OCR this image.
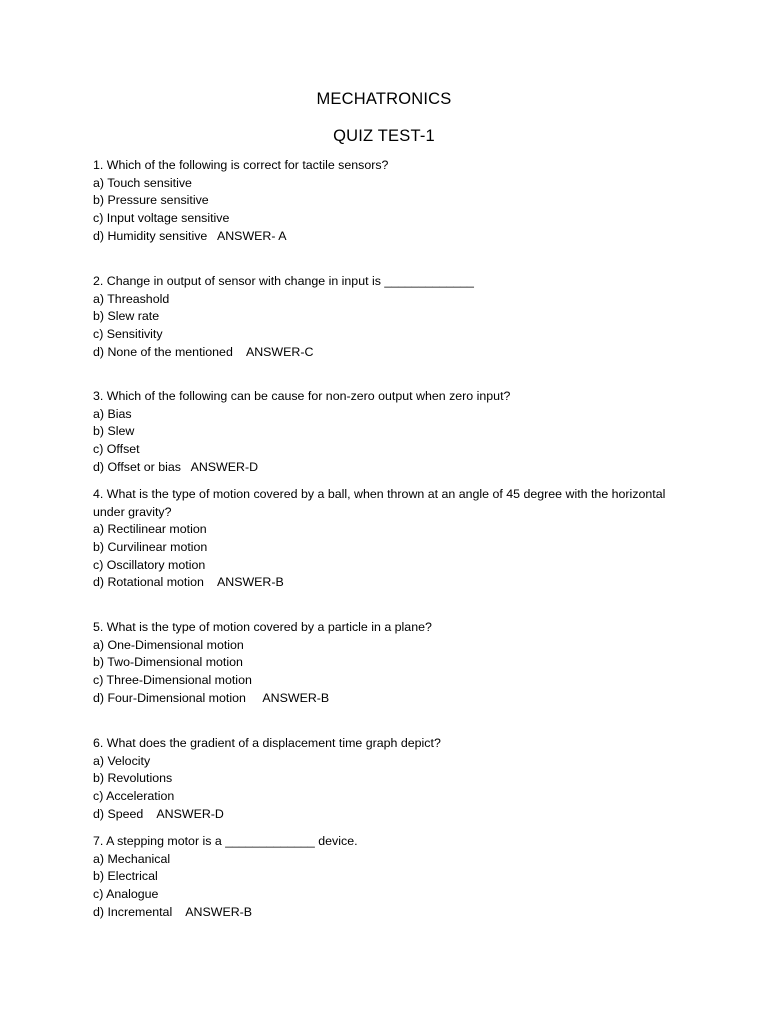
MECHATRONICS
QUIZ TEST-1
1. Which of the following is correct for tactile sensors?
a) Touch sensitive
b) Pressure sensitive
c) Input voltage sensitive
d) Humidity sensitive ANSWER- A
2. Change in output of sensor with change in input is _____________
a) Threashold
b) Slew rate
c) Sensitivity
d) None of the mentioned ANSWER-C
3. Which of the following can be cause for non-zero output when zero input?
a) Bias
b) Slew
c) Offset
d) Offset or bias ANSWER-D
4. What is the type of motion covered by a ball, when thrown at an angle of 45 degree with the horizontal under gravity?
a) Rectilinear motion
b) Curvilinear motion
c) Oscillatory motion
d) Rotational motion ANSWER-B
5. What is the type of motion covered by a particle in a plane?
a) One-Dimensional motion
b) Two-Dimensional motion
c) Three-Dimensional motion
d) Four-Dimensional motion ANSWER-B
6. What does the gradient of a displacement time graph depict?
a) Velocity
b) Revolutions
c) Acceleration
d) Speed ANSWER-D
7. A stepping motor is a _____________ device.
a) Mechanical
b) Electrical
c) Analogue
d) Incremental ANSWER-B
